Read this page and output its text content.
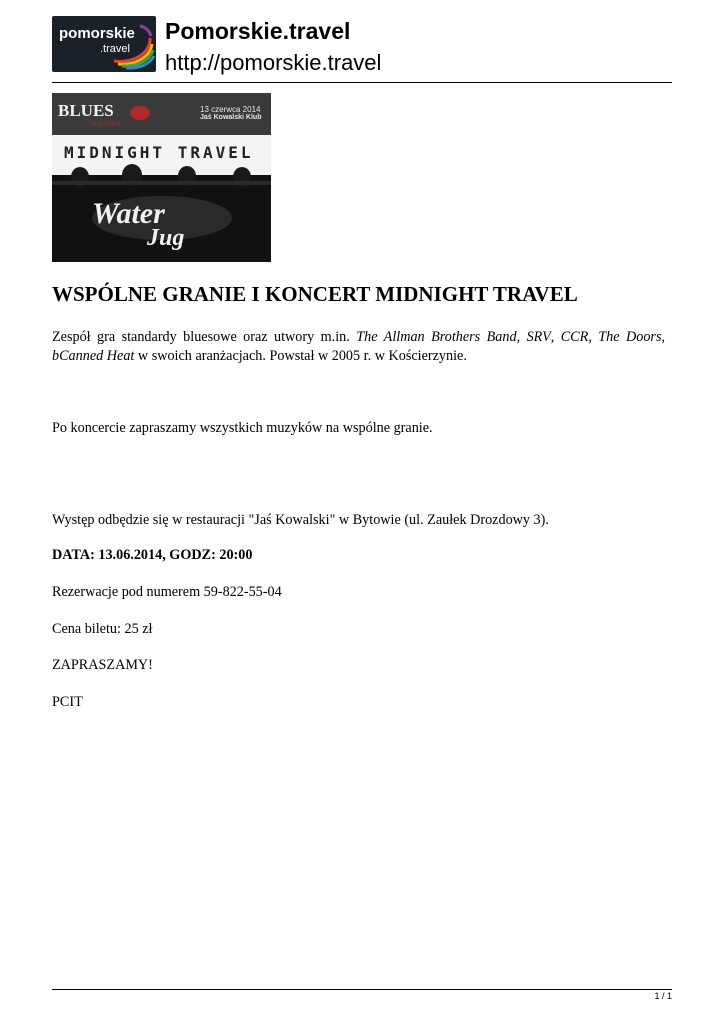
pomorskie
.travel
Pomorskie.travel
http://pomorskie.travel
BLUES
maraton
13 czerwca 2014
Jaś Kowalski Klub
MIDNIGHT TRAVEL
Water
Jug
WSPÓLNE GRANIE I KONCERT MIDNIGHT TRAVEL

Zespół gra standardy bluesowe oraz utwory m.in. The Allman Brothers Band, SRV, CCR, The Doors, bCanned Heat w swoich aranżacjach. Powstał w 2005 r. w Kościerzynie.

Po koncercie zapraszamy wszystkich muzyków na wspólne granie.

Występ odbędzie się w restauracji "Jaś Kowalski" w Bytowie (ul. Zaułek Drozdowy 3).

DATA: 13.06.2014, GODZ: 20:00

Rezerwacje pod numerem 59-822-55-04

Cena biletu: 25 zł

ZAPRASZAMY!

PCIT

1 / 1
